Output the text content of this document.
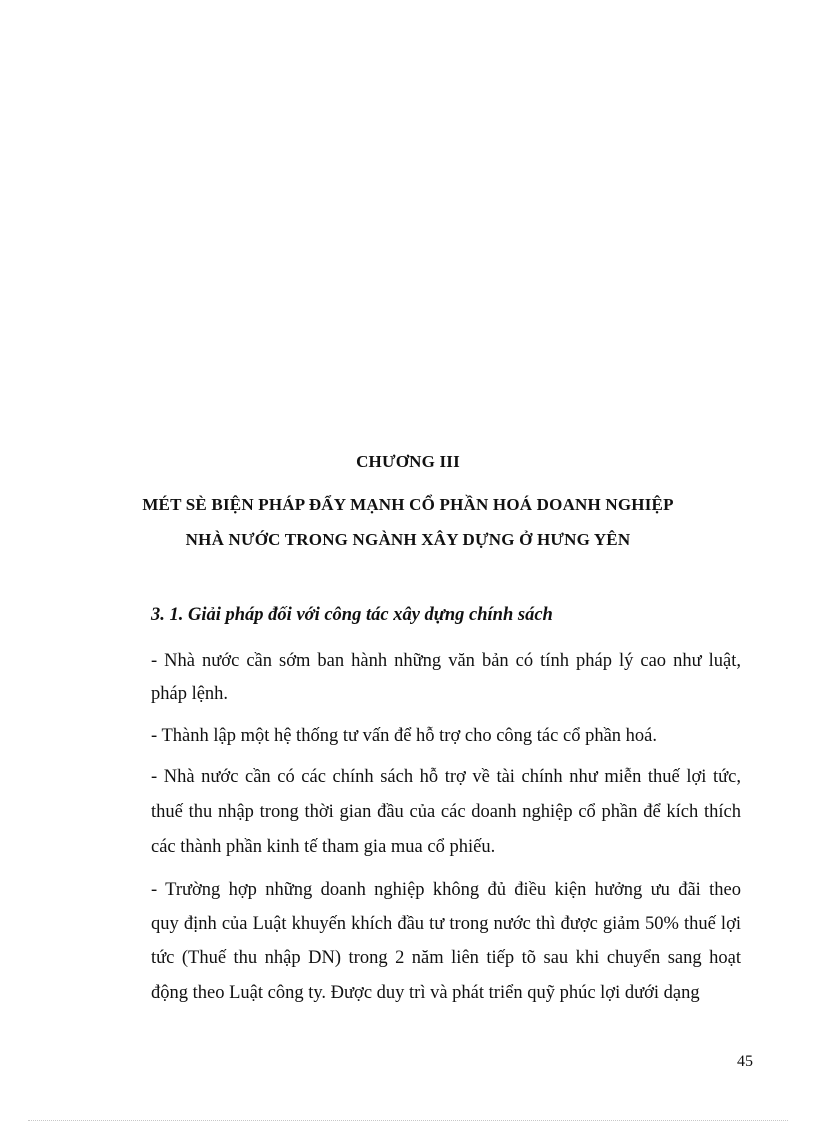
CHƯƠNG III
MÉT SÈ BIỆN PHÁP ĐẨY MẠNH CỔ PHẦN HOÁ DOANH NGHIỆP
NHÀ NƯỚC TRONG NGÀNH XÂY DỰNG Ở HƯNG YÊN
3. 1. Giải pháp đối với công tác xây dựng chính sách
- Nhà nước cần sớm ban hành những văn bản có tính pháp lý cao như luật,
pháp lệnh.
- Thành lập một hệ thống tư vấn để hỗ trợ cho công tác cổ phần hoá.
- Nhà nước cần có các chính sách hỗ trợ về tài chính như miễn thuế lợi tức,
thuế thu nhập trong thời gian đầu của các doanh nghiệp cổ phần để kích thích
các thành phần kinh tế tham gia mua cổ phiếu.
- Trường hợp những doanh nghiệp không đủ điều kiện hưởng ưu đãi theo
quy định của Luật khuyến khích đầu tư trong nước thì được giảm 50% thuế lợi
tức (Thuế thu nhập DN) trong 2 năm liên tiếp tõ sau khi chuyển sang hoạt
động theo Luật công ty. Được duy trì và phát triển quỹ phúc lợi dưới dạng
45
